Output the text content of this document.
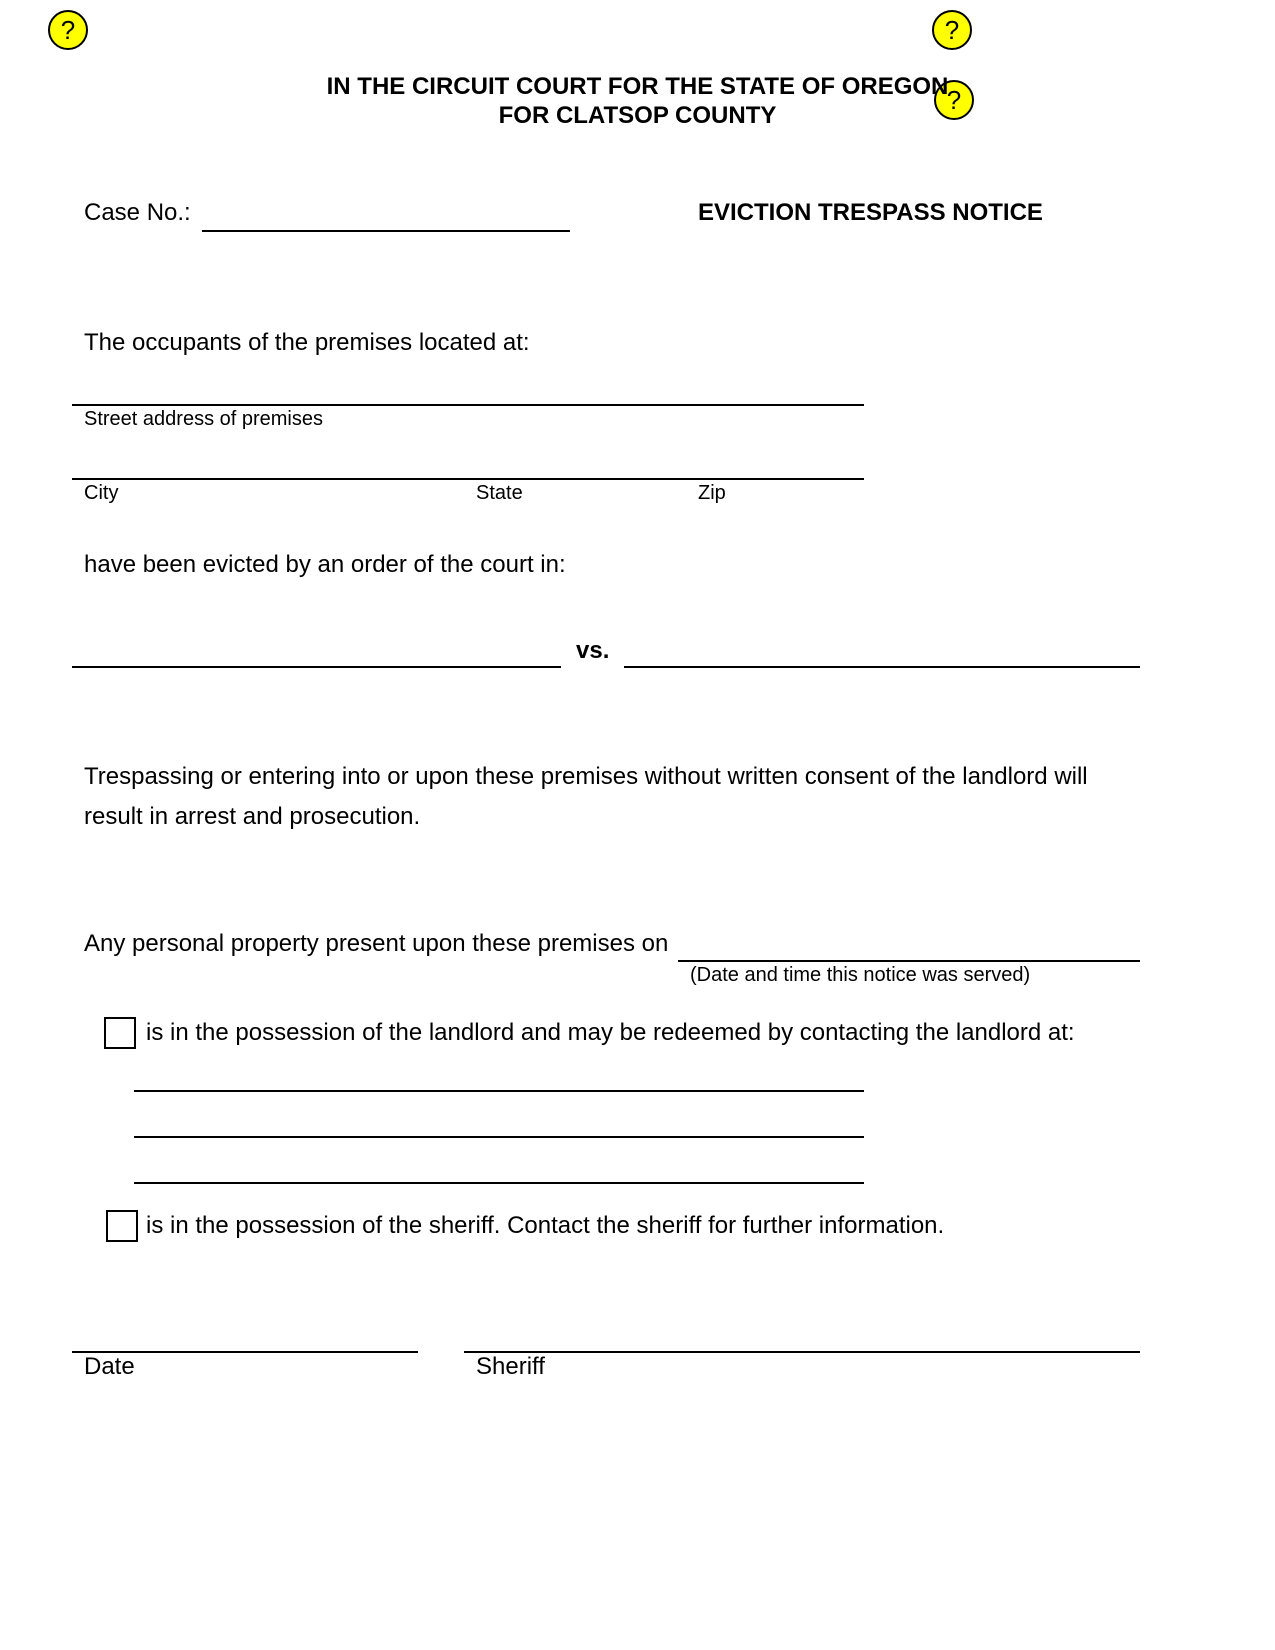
?	?
?
IN THE CIRCUIT COURT FOR THE STATE OF OREGON
FOR CLATSOP COUNTY
Case No.:	EVICTION TRESPASS NOTICE
The occupants of the premises located at:
Street address of premises
City	State	Zip
have been evicted by an order of the court in:
vs.
Trespassing or entering into or upon these premises without written consent of the landlord will
result in arrest and prosecution.
Any personal property present upon these premises on
(Date and time this notice was served)
is in the possession of the landlord and may be redeemed by contacting the landlord at:
is in the possession of the sheriff. Contact the sheriff for further information.
Date	Sheriff
